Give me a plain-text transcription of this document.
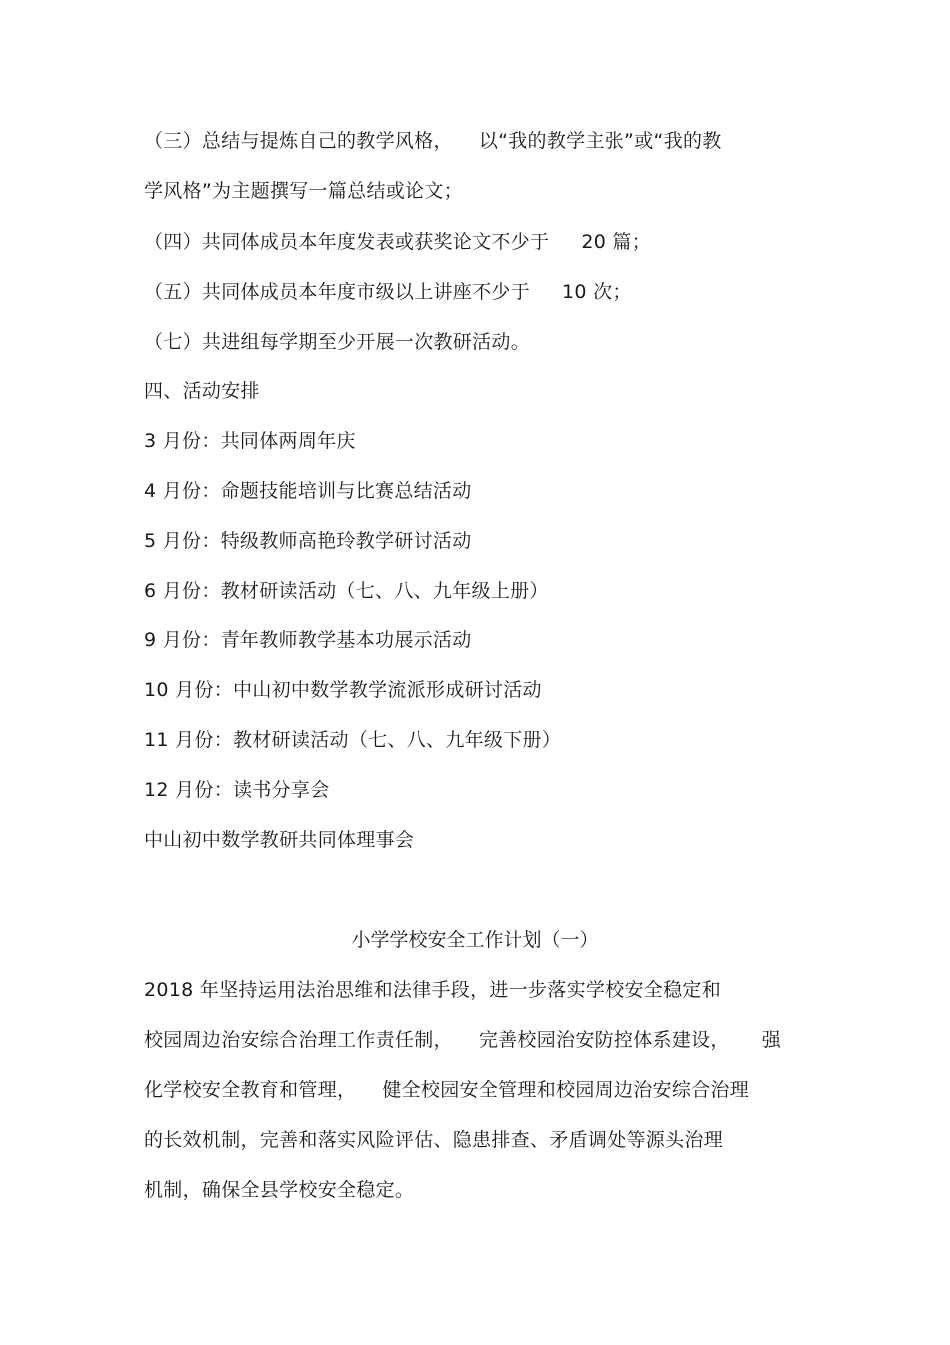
（三）总结与提炼自己的教学风格， 以“我的教学主张”或“我的教
学风格”为主题撰写一篇总结或论文；
（四）共同体成员本年度发表或获奖论文不少于 20 篇；
（五）共同体成员本年度市级以上讲座不少于 10 次；
（七）共进组每学期至少开展一次教研活动。
四、活动安排
3 月份：共同体两周年庆
4 月份：命题技能培训与比赛总结活动
5 月份：特级教师高艳玲教学研讨活动
6 月份：教材研读活动（七、八、九年级上册）
9 月份：青年教师教学基本功展示活动
10 月份：中山初中数学教学流派形成研讨活动
11 月份：教材研读活动（七、八、九年级下册）
12 月份：读书分享会
中山初中数学教研共同体理事会
小学学校安全工作计划（一）
2018 年坚持运用法治思维和法律手段，进一步落实学校安全稳定和
校园周边治安综合治理工作责任制， 完善校园治安防控体系建设， 强
化学校安全教育和管理， 健全校园安全管理和校园周边治安综合治理
的长效机制，完善和落实风险评估、隐患排查、矛盾调处等源头治理
机制，确保全县学校安全稳定。
